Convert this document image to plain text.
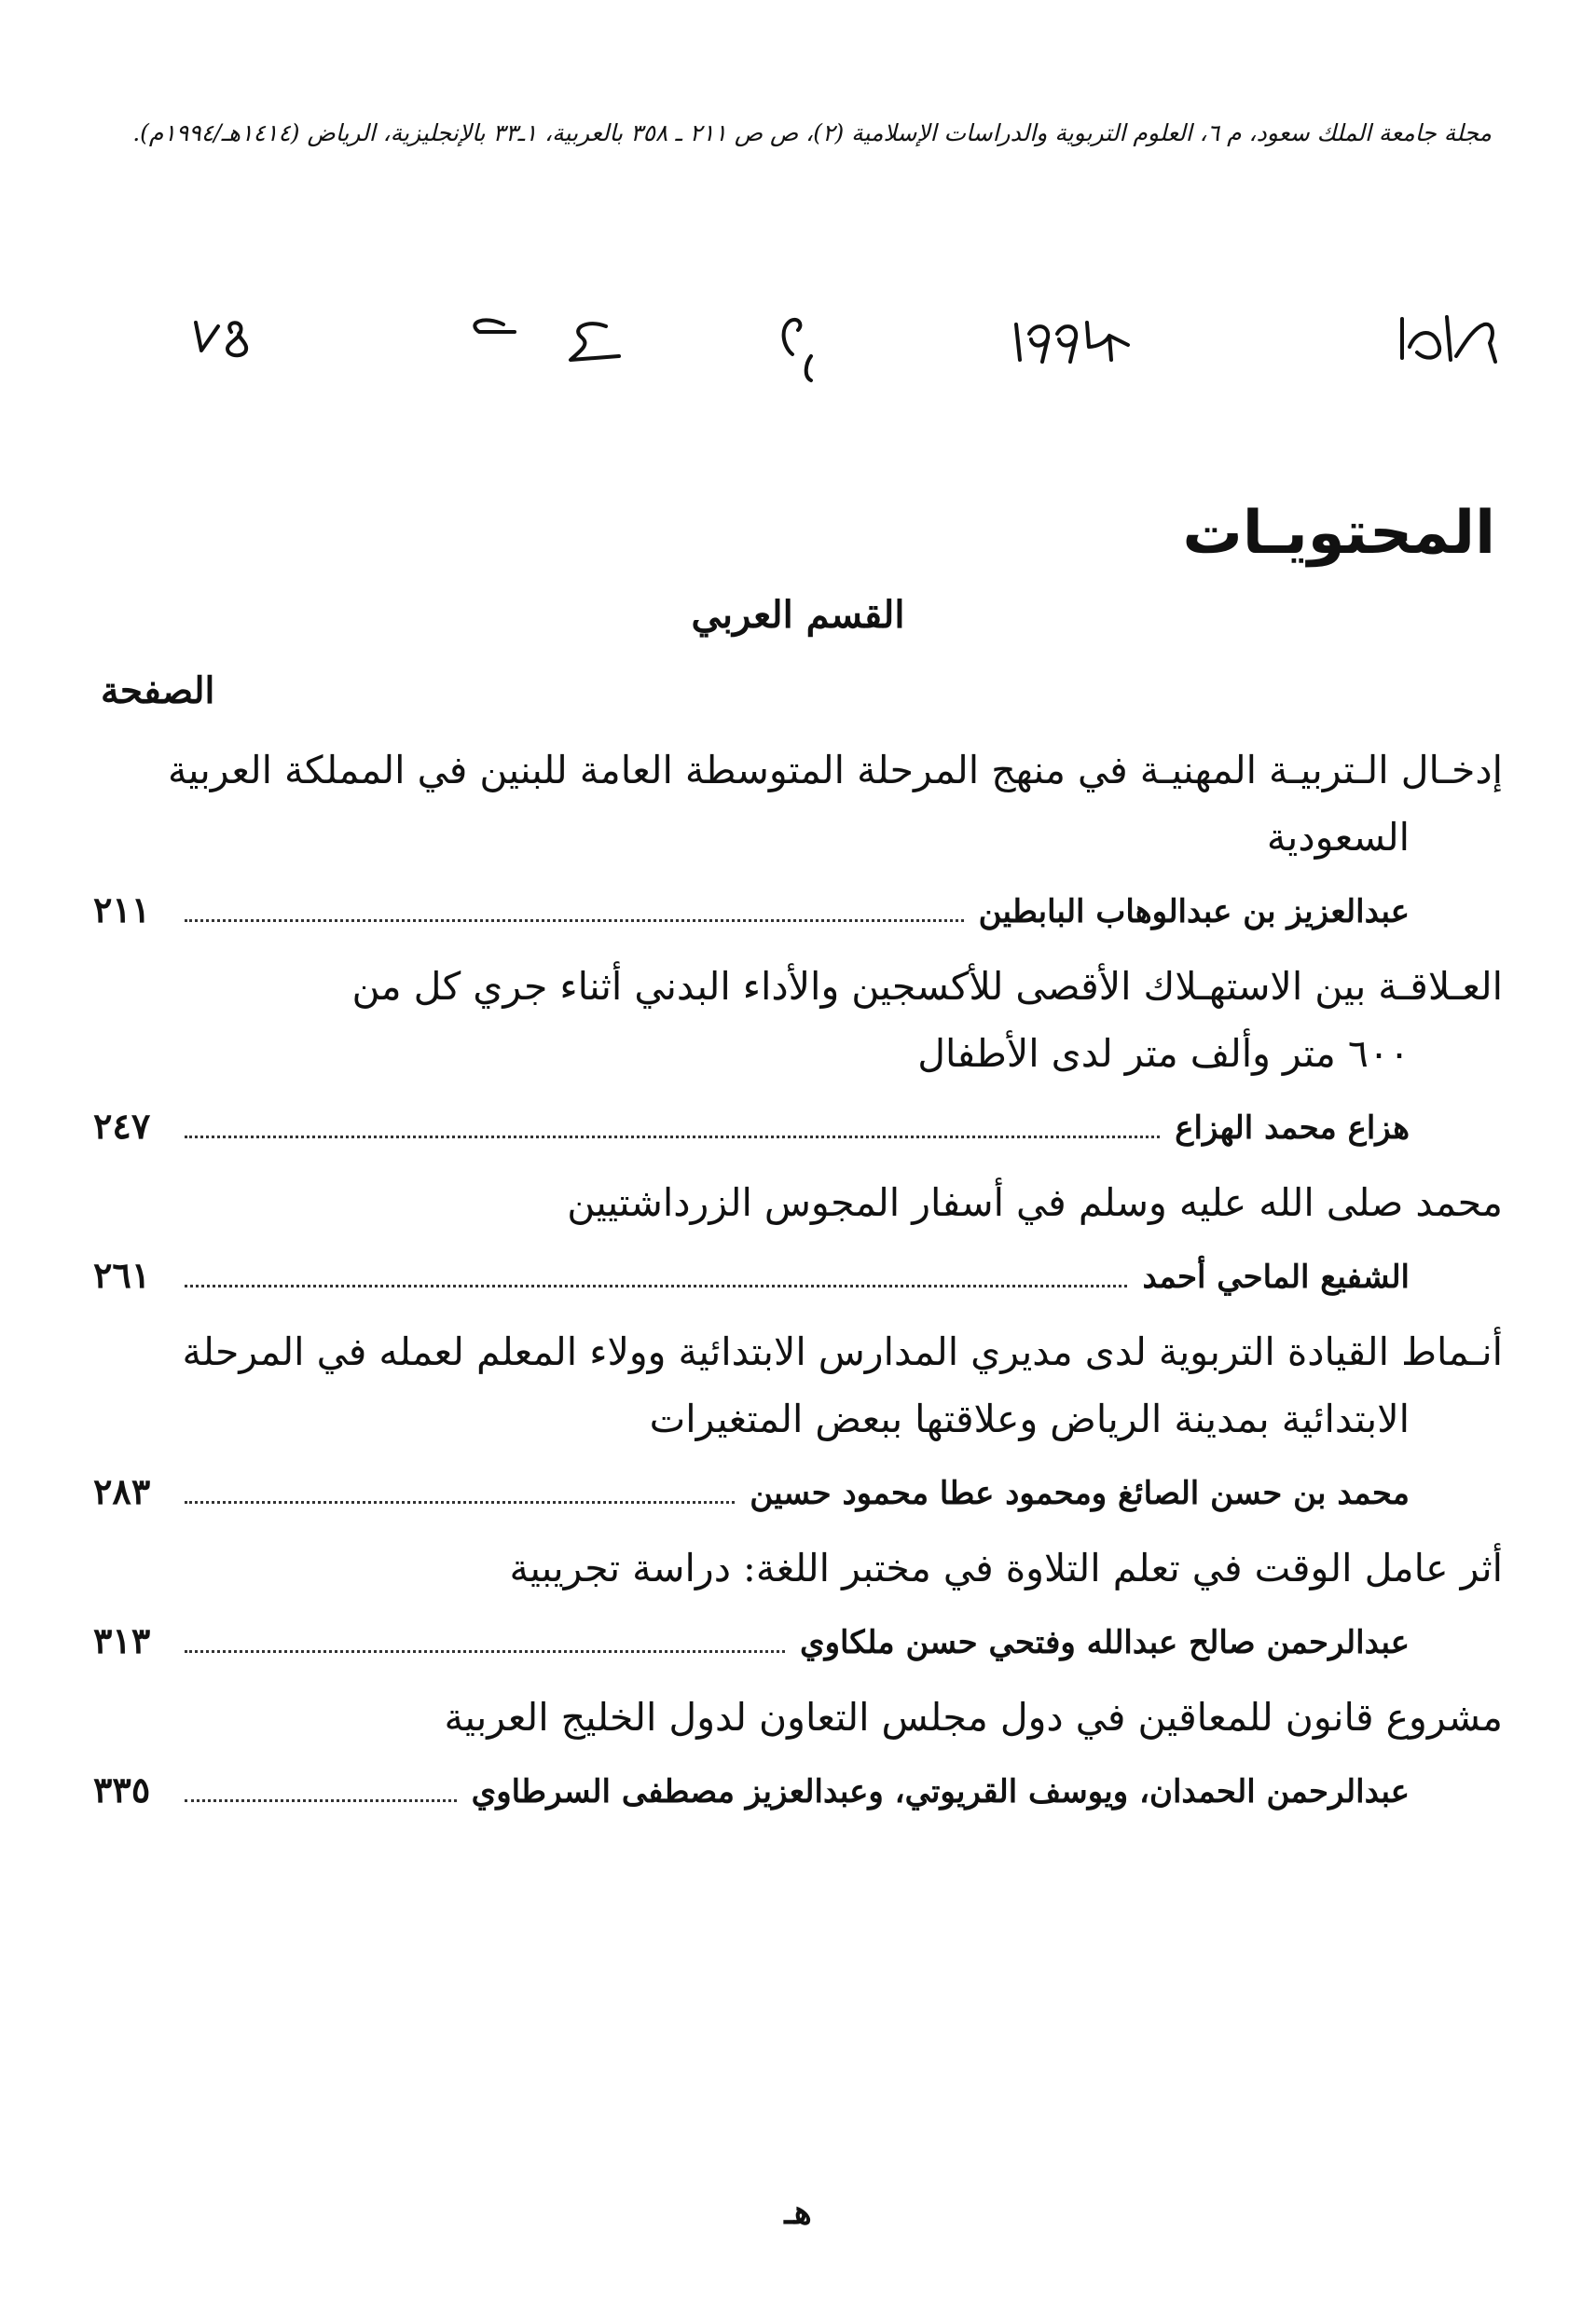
مجلة جامعة الملك سعود، م ٦، العلوم التربوية والدراسات الإسلامية (٢)، ص ص ٢١١ ـ ٣٥٨ بالعربية، ١ـ٣٣ بالإنجليزية، الرياض (١٤١٤هـ/١٩٩٤م).
المحتويـات
القسم العربي
الصفحة
إدخـال الـتربيـة المهنيـة في منهج المرحلة المتوسطة العامة للبنين في المملكة العربية
السعودية
عبدالعزيز بن عبدالوهاب البابطين
٢١١
العـلاقـة بين الاستهـلاك الأقصى للأكسجين والأداء البدني أثناء جري كل من
٦٠٠ متر وألف متر لدى الأطفال
هزاع محمد الهزاع
٢٤٧
محمد صلى الله عليه وسلم في أسفار المجوس الزرداشتيين
الشفيع الماحي أحمد
٢٦١
أنـماط القيادة التربوية لدى مديري المدارس الابتدائية وولاء المعلم لعمله في المرحلة
الابتدائية بمدينة الرياض وعلاقتها ببعض المتغيرات
محمد بن حسن الصائغ ومحمود عطا محمود حسين
٢٨٣
أثر عامل الوقت في تعلم التلاوة في مختبر اللغة: دراسة تجريبية
عبدالرحمن صالح عبدالله وفتحي حسن ملكاوي
٣١٣
مشروع قانون للمعاقين في دول مجلس التعاون لدول الخليج العربية
عبدالرحمن الحمدان، ويوسف القريوتي، وعبدالعزيز مصطفى السرطاوي
٣٣٥
هـ
